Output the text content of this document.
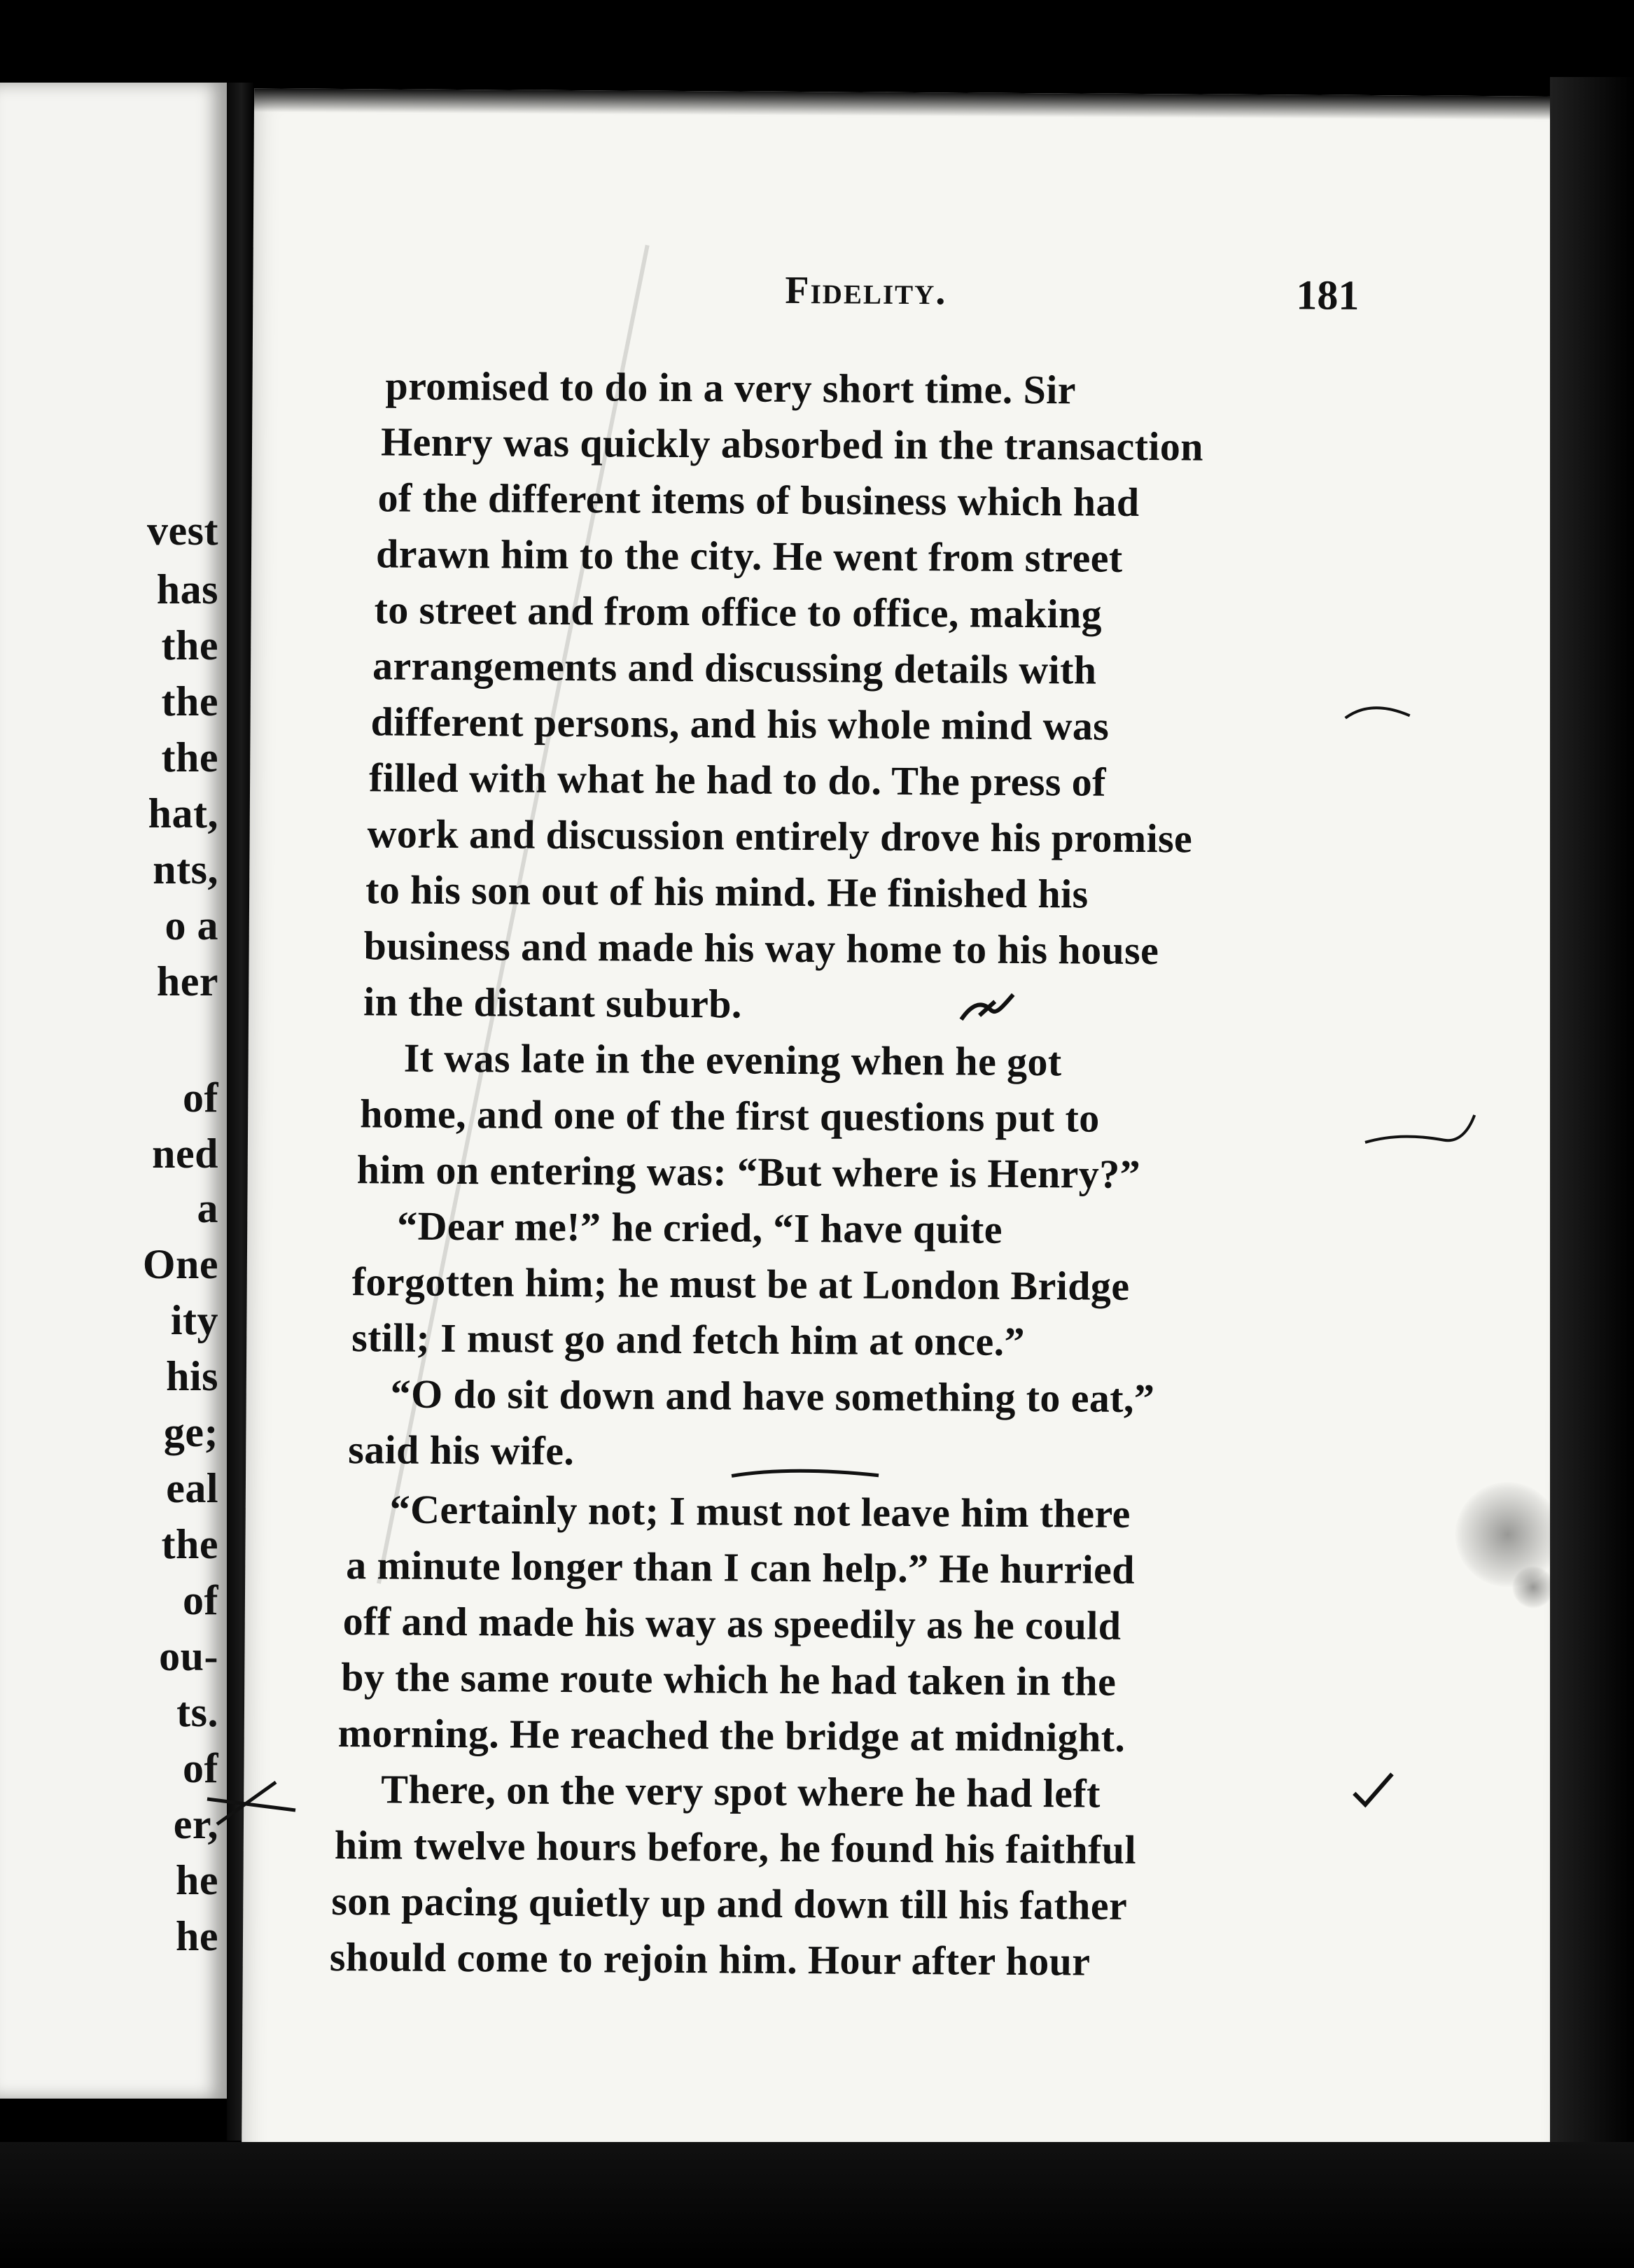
vest
has
the
the
the
hat,
nts,
o a
her
of
ned
a
One
ity
his
ge;
eal
the
of
ou-
ts.
of
er,
he
he
Fidelity.	181
promised to do in a very short time. Sir
Henry was quickly absorbed in the transaction
of the different items of business which had
drawn him to the city. He went from street
to street and from office to office, making
arrangements and discussing details with
different persons, and his whole mind was
filled with what he had to do. The press of
work and discussion entirely drove his promise
to his son out of his mind. He finished his
business and made his way home to his house
in the distant suburb.
It was late in the evening when he got
home, and one of the first questions put to
him on entering was: “But where is Henry?”
“Dear me!” he cried, “I have quite
forgotten him; he must be at London Bridge
still; I must go and fetch him at once.”
“O do sit down and have something to eat,”
said his wife.
“Certainly not; I must not leave him there
a minute longer than I can help.” He hurried
off and made his way as speedily as he could
by the same route which he had taken in the
morning. He reached the bridge at midnight.
There, on the very spot where he had left
him twelve hours before, he found his faithful
son pacing quietly up and down till his father
should come to rejoin him. Hour after hour
